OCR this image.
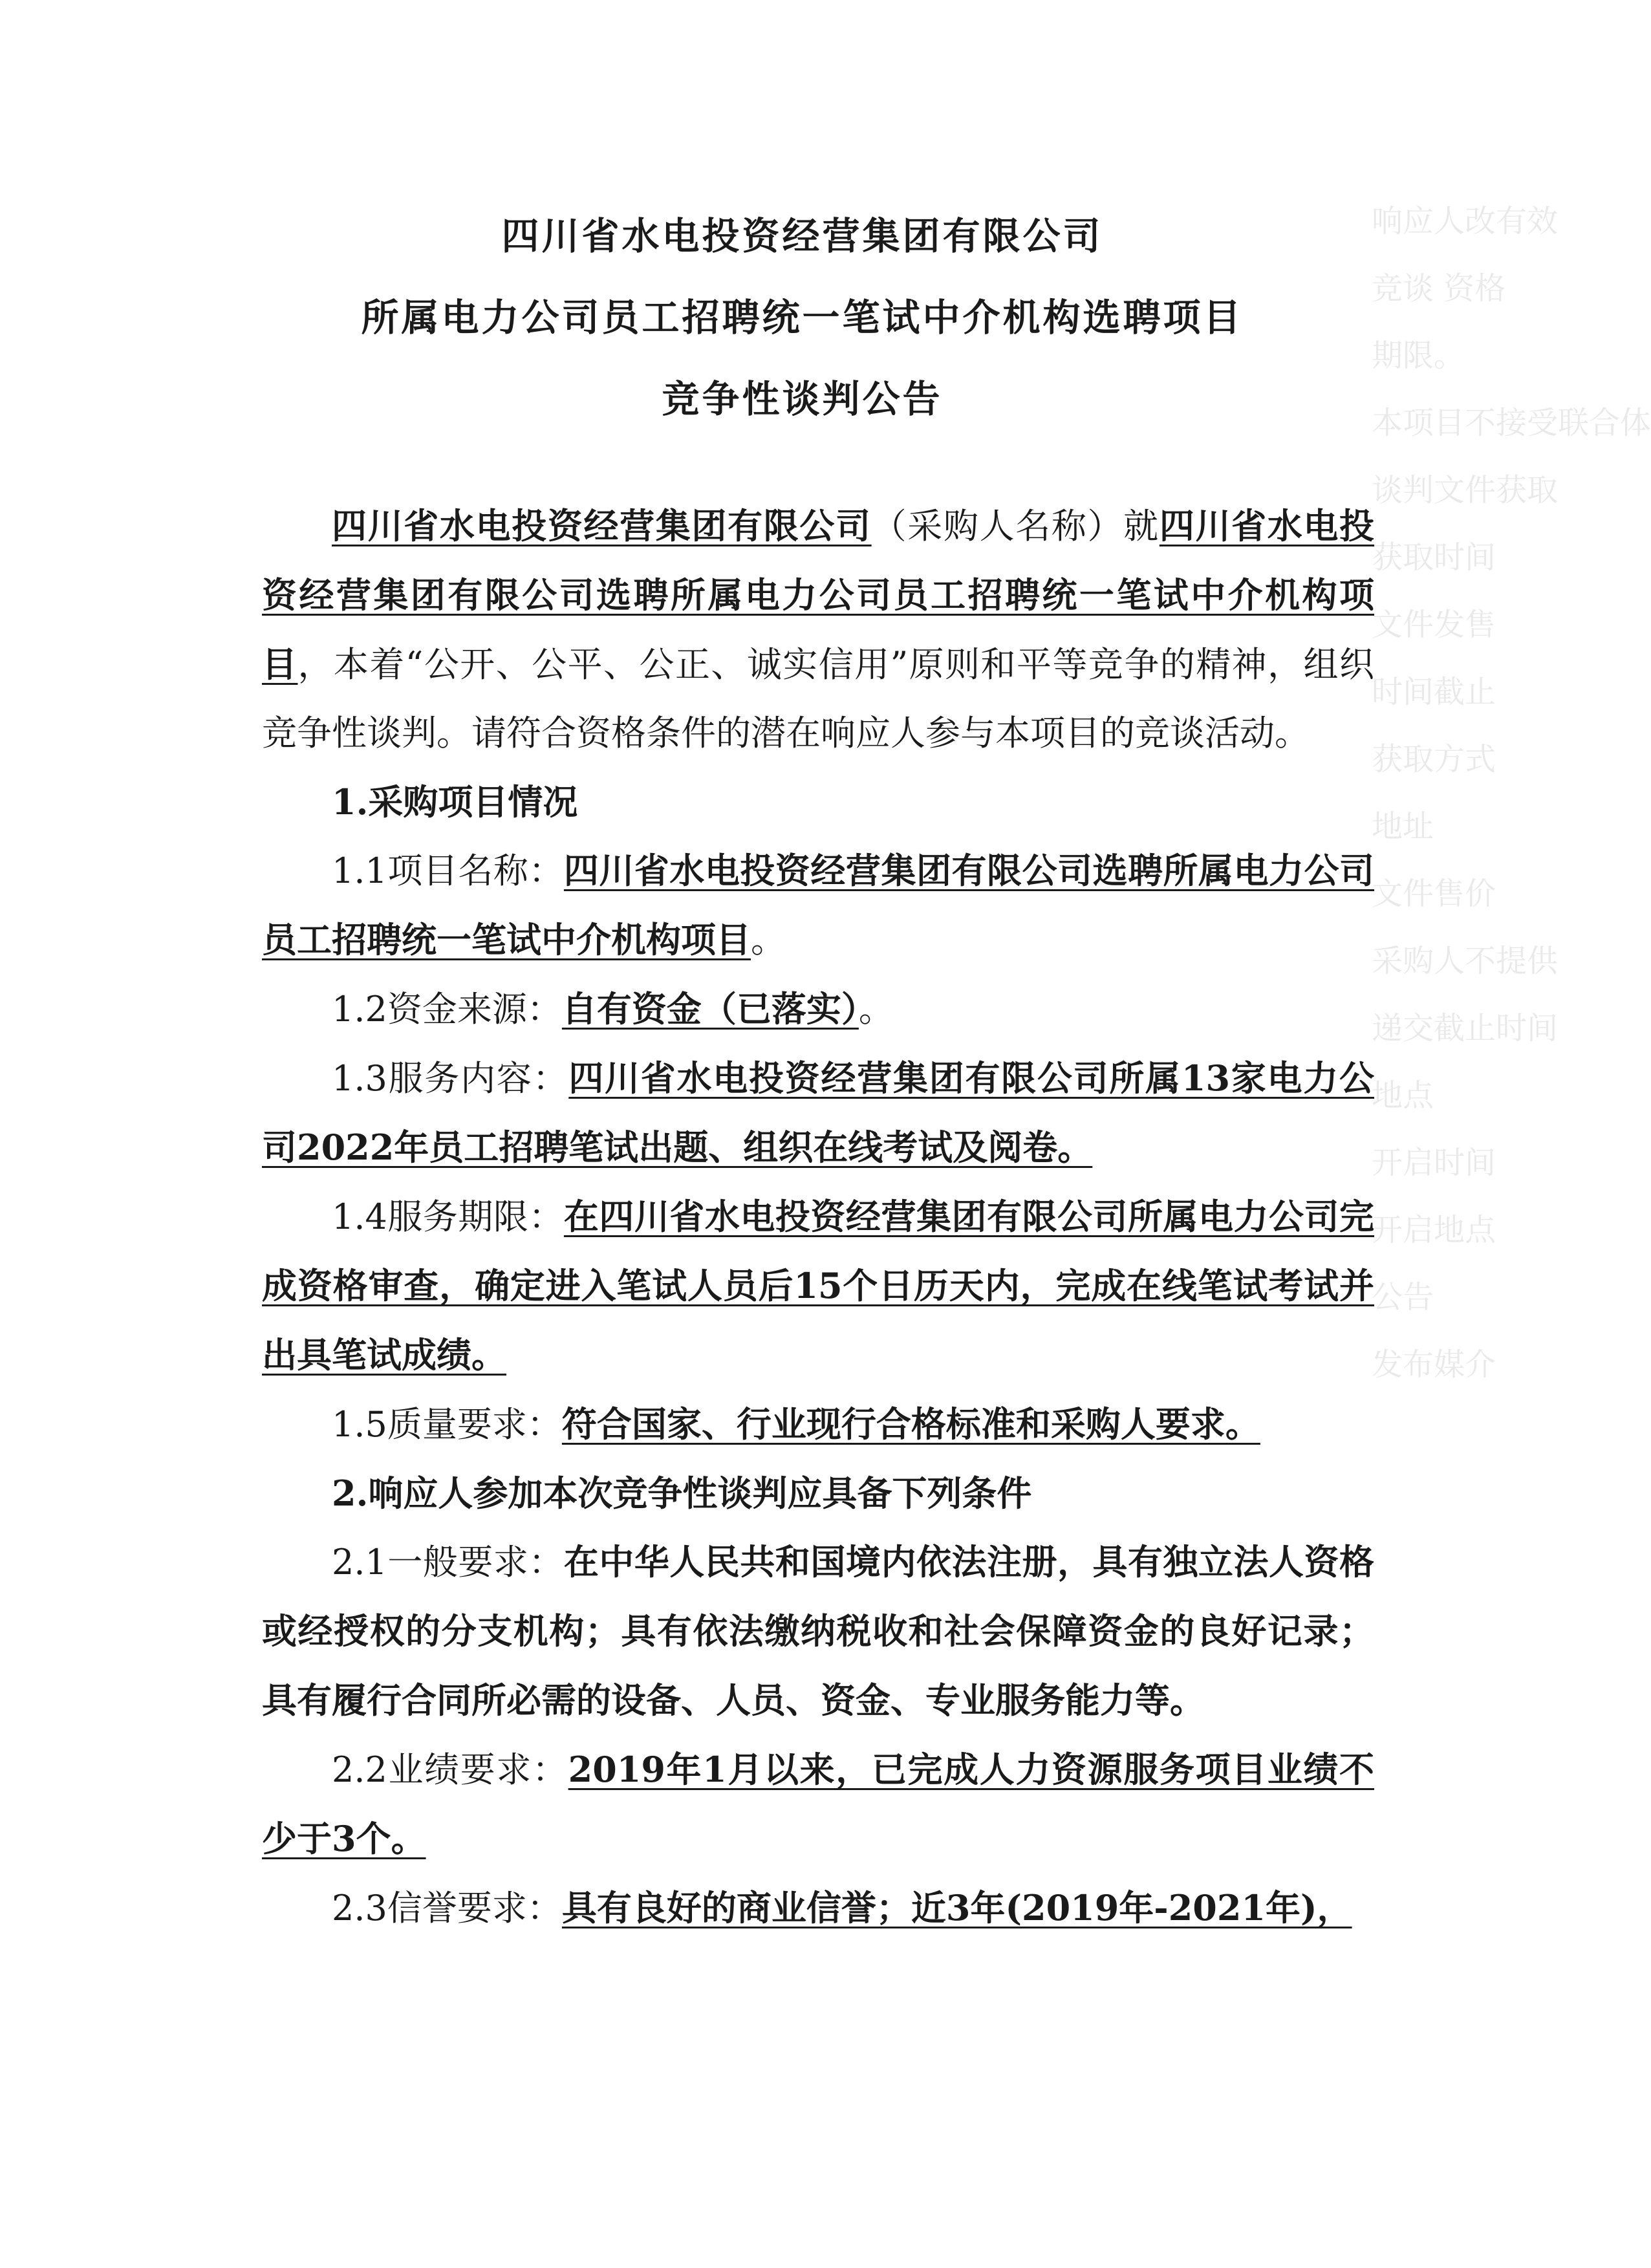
响应人改有效
竞谈 资格
期限。
本项目不接受联合体
谈判文件获取
获取时间
文件发售
时间截止
获取方式
地址
文件售价
采购人不提供
递交截止时间
地点
开启时间
开启地点
公告
发布媒介
四川省水电投资经营集团有限公司
所属电力公司员工招聘统一笔试中介机构选聘项目
竞争性谈判公告

四川省水电投资经营集团有限公司（采购人名称）就四川省水电投资经营集团有限公司选聘所属电力公司员工招聘统一笔试中介机构项目，本着“公开、公平、公正、诚实信用”原则和平等竞争的精神，组织竞争性谈判。请符合资格条件的潜在响应人参与本项目的竞谈活动。

1.采购项目情况

1.1项目名称：四川省水电投资经营集团有限公司选聘所属电力公司员工招聘统一笔试中介机构项目。

1.2资金来源：自有资金（已落实）。

1.3服务内容：四川省水电投资经营集团有限公司所属13家电力公司2022年员工招聘笔试出题、组织在线考试及阅卷。

1.4服务期限：在四川省水电投资经营集团有限公司所属电力公司完成资格审查，确定进入笔试人员后15个日历天内，完成在线笔试考试并出具笔试成绩。

1.5质量要求：符合国家、行业现行合格标准和采购人要求。

2.响应人参加本次竞争性谈判应具备下列条件

2.1一般要求：在中华人民共和国境内依法注册，具有独立法人资格或经授权的分支机构；具有依法缴纳税收和社会保障资金的良好记录；具有履行合同所必需的设备、人员、资金、专业服务能力等。

2.2业绩要求：2019年1月以来，已完成人力资源服务项目业绩不少于3个。

2.3信誉要求：具有良好的商业信誉；近3年(2019年-2021年)，
